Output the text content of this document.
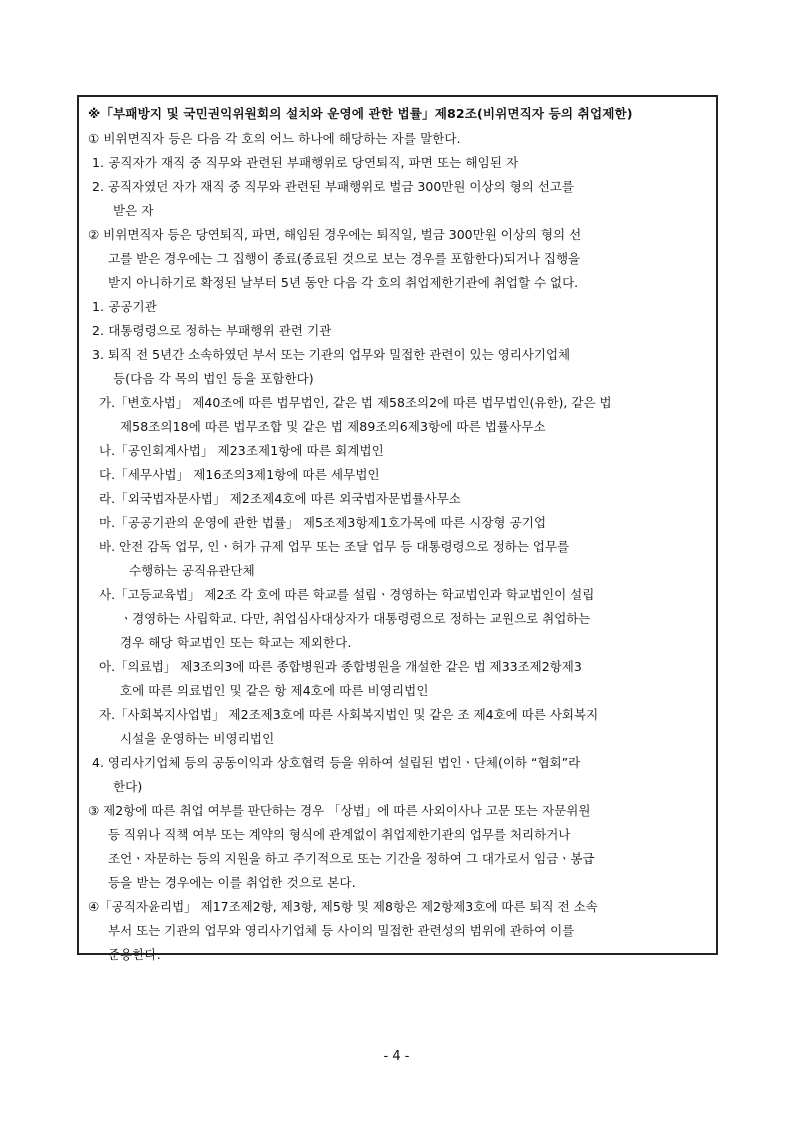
※「부패방지 및 국민권익위원회의 설치와 운영에 관한 법률」제82조(비위면직자 등의 취업제한)
① 비위면직자 등은 다음 각 호의 어느 하나에 해당하는 자를 말한다.
1. 공직자가 재직 중 직무와 관련된 부패행위로 당연퇴직, 파면 또는 해임된 자
2. 공직자였던 자가 재직 중 직무와 관련된 부패행위로 벌금 300만원 이상의 형의 선고를
받은 자
② 비위면직자 등은 당연퇴직, 파면, 해임된 경우에는 퇴직일, 벌금 300만원 이상의 형의 선
고를 받은 경우에는 그 집행이 종료(종료된 것으로 보는 경우를 포함한다)되거나 집행을
받지 아니하기로 확정된 날부터 5년 동안 다음 각 호의 취업제한기관에 취업할 수 없다.
1. 공공기관
2. 대통령령으로 정하는 부패행위 관련 기관
3. 퇴직 전 5년간 소속하였던 부서 또는 기관의 업무와 밀접한 관련이 있는 영리사기업체
등(다음 각 목의 법인 등을 포함한다)
가.「변호사법」 제40조에 따른 법무법인, 같은 법 제58조의2에 따른 법무법인(유한), 같은 법
제58조의18에 따른 법무조합 및 같은 법 제89조의6제3항에 따른 법률사무소
나.「공인회계사법」 제23조제1항에 따른 회계법인
다.「세무사법」 제16조의3제1항에 따른 세무법인
라.「외국법자문사법」 제2조제4호에 따른 외국법자문법률사무소
마.「공공기관의 운영에 관한 법률」 제5조제3항제1호가목에 따른 시장형 공기업
바. 안전 감독 업무, 인ㆍ허가 규제 업무 또는 조달 업무 등 대통령령으로 정하는 업무를
수행하는 공직유관단체
사.「고등교육법」 제2조 각 호에 따른 학교를 설립ㆍ경영하는 학교법인과 학교법인이 설립
ㆍ경영하는 사립학교. 다만, 취업심사대상자가 대통령령으로 정하는 교원으로 취업하는
경우 해당 학교법인 또는 학교는 제외한다.
아.「의료법」 제3조의3에 따른 종합병원과 종합병원을 개설한 같은 법 제33조제2항제3
호에 따른 의료법인 및 같은 항 제4호에 따른 비영리법인
자.「사회복지사업법」 제2조제3호에 따른 사회복지법인 및 같은 조 제4호에 따른 사회복지
시설을 운영하는 비영리법인
4. 영리사기업체 등의 공동이익과 상호협력 등을 위하여 설립된 법인ㆍ단체(이하 “협회”라
한다)
③ 제2항에 따른 취업 여부를 판단하는 경우 「상법」에 따른 사외이사나 고문 또는 자문위원
등 직위나 직책 여부 또는 계약의 형식에 관계없이 취업제한기관의 업무를 처리하거나
조언ㆍ자문하는 등의 지원을 하고 주기적으로 또는 기간을 정하여 그 대가로서 임금ㆍ봉급
등을 받는 경우에는 이를 취업한 것으로 본다.
④「공직자윤리법」 제17조제2항, 제3항, 제5항 및 제8항은 제2항제3호에 따른 퇴직 전 소속
부서 또는 기관의 업무와 영리사기업체 등 사이의 밀접한 관련성의 범위에 관하여 이를
준용한다.
- 4 -
